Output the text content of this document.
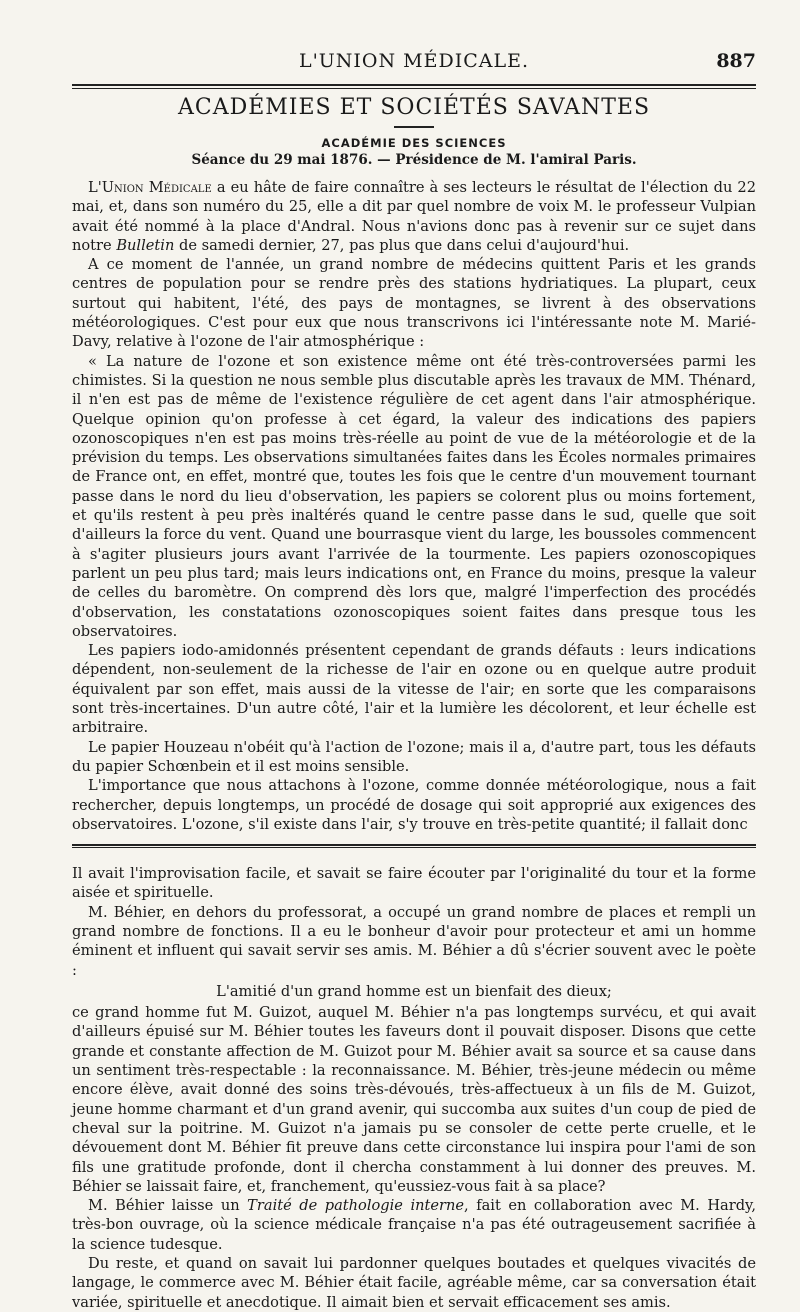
L'UNION MÉDICALE.	887
ACADÉMIES ET SOCIÉTÉS SAVANTES
ACADÉMIE DES SCIENCES
Séance du 29 mai 1876. — Présidence de M. l'amiral Paris.

L'Union Médicale a eu hâte de faire connaître à ses lecteurs le résultat de l'élection du 22 mai, et, dans son numéro du 25, elle a dit par quel nombre de voix M. le professeur Vulpian avait été nommé à la place d'Andral. Nous n'avions donc pas à revenir sur ce sujet dans notre Bulletin de samedi dernier, 27, pas plus que dans celui d'aujourd'hui.

A ce moment de l'année, un grand nombre de médecins quittent Paris et les grands centres de population pour se rendre près des stations hydriatiques. La plupart, ceux surtout qui habitent, l'été, des pays de montagnes, se livrent à des observations météorologiques. C'est pour eux que nous transcrivons ici l'intéressante note M. Marié-Davy, relative à l'ozone de l'air atmosphérique :

« La nature de l'ozone et son existence même ont été très-controversées parmi les chimistes. Si la question ne nous semble plus discutable après les travaux de MM. Thénard, il n'en est pas de même de l'existence régulière de cet agent dans l'air atmosphérique. Quelque opinion qu'on professe à cet égard, la valeur des indications des papiers ozonoscopiques n'en est pas moins très-réelle au point de vue de la météorologie et de la prévision du temps. Les observations simultanées faites dans les Écoles normales primaires de France ont, en effet, montré que, toutes les fois que le centre d'un mouvement tournant passe dans le nord du lieu d'observation, les papiers se colorent plus ou moins fortement, et qu'ils restent à peu près inaltérés quand le centre passe dans le sud, quelle que soit d'ailleurs la force du vent. Quand une bourrasque vient du large, les boussoles commencent à s'agiter plusieurs jours avant l'arrivée de la tourmente. Les papiers ozonoscopiques parlent un peu plus tard; mais leurs indications ont, en France du moins, presque la valeur de celles du baromètre. On comprend dès lors que, malgré l'imperfection des procédés d'observation, les constatations ozonoscopiques soient faites dans presque tous les observatoires.

Les papiers iodo-amidonnés présentent cependant de grands défauts : leurs indications dépendent, non-seulement de la richesse de l'air en ozone ou en quelque autre produit équivalent par son effet, mais aussi de la vitesse de l'air; en sorte que les comparaisons sont très-incertaines. D'un autre côté, l'air et la lumière les décolorent, et leur échelle est arbitraire.

Le papier Houzeau n'obéit qu'à l'action de l'ozone; mais il a, d'autre part, tous les défauts du papier Schœnbein et il est moins sensible.

L'importance que nous attachons à l'ozone, comme donnée météorologique, nous a fait rechercher, depuis longtemps, un procédé de dosage qui soit approprié aux exigences des observatoires. L'ozone, s'il existe dans l'air, s'y trouve en très-petite quantité; il fallait donc

Il avait l'improvisation facile, et savait se faire écouter par l'originalité du tour et la forme aisée et spirituelle.

M. Béhier, en dehors du professorat, a occupé un grand nombre de places et rempli un grand nombre de fonctions. Il a eu le bonheur d'avoir pour protecteur et ami un homme éminent et influent qui savait servir ses amis. M. Béhier a dû s'écrier souvent avec le poète :

L'amitié d'un grand homme est un bienfait des dieux;

ce grand homme fut M. Guizot, auquel M. Béhier n'a pas longtemps survécu, et qui avait d'ailleurs épuisé sur M. Béhier toutes les faveurs dont il pouvait disposer. Disons que cette grande et constante affection de M. Guizot pour M. Béhier avait sa source et sa cause dans un sentiment très-respectable : la reconnaissance. M. Béhier, très-jeune médecin ou même encore élève, avait donné des soins très-dévoués, très-affectueux à un fils de M. Guizot, jeune homme charmant et d'un grand avenir, qui succomba aux suites d'un coup de pied de cheval sur la poitrine. M. Guizot n'a jamais pu se consoler de cette perte cruelle, et le dévouement dont M. Béhier fit preuve dans cette circonstance lui inspira pour l'ami de son fils une gratitude profonde, dont il chercha constamment à lui donner des preuves. M. Béhier se laissait faire, et, franchement, qu'eussiez-vous fait à sa place?

M. Béhier laisse un Traité de pathologie interne, fait en collaboration avec M. Hardy, très-bon ouvrage, où la science médicale française n'a pas été outrageusement sacrifiée à la science tudesque.

Du reste, et quand on savait lui pardonner quelques boutades et quelques vivacités de langage, le commerce avec M. Béhier était facile, agréable même, car sa conversation était variée, spirituelle et anecdotique. Il aimait bien et servait efficacement ses amis.
